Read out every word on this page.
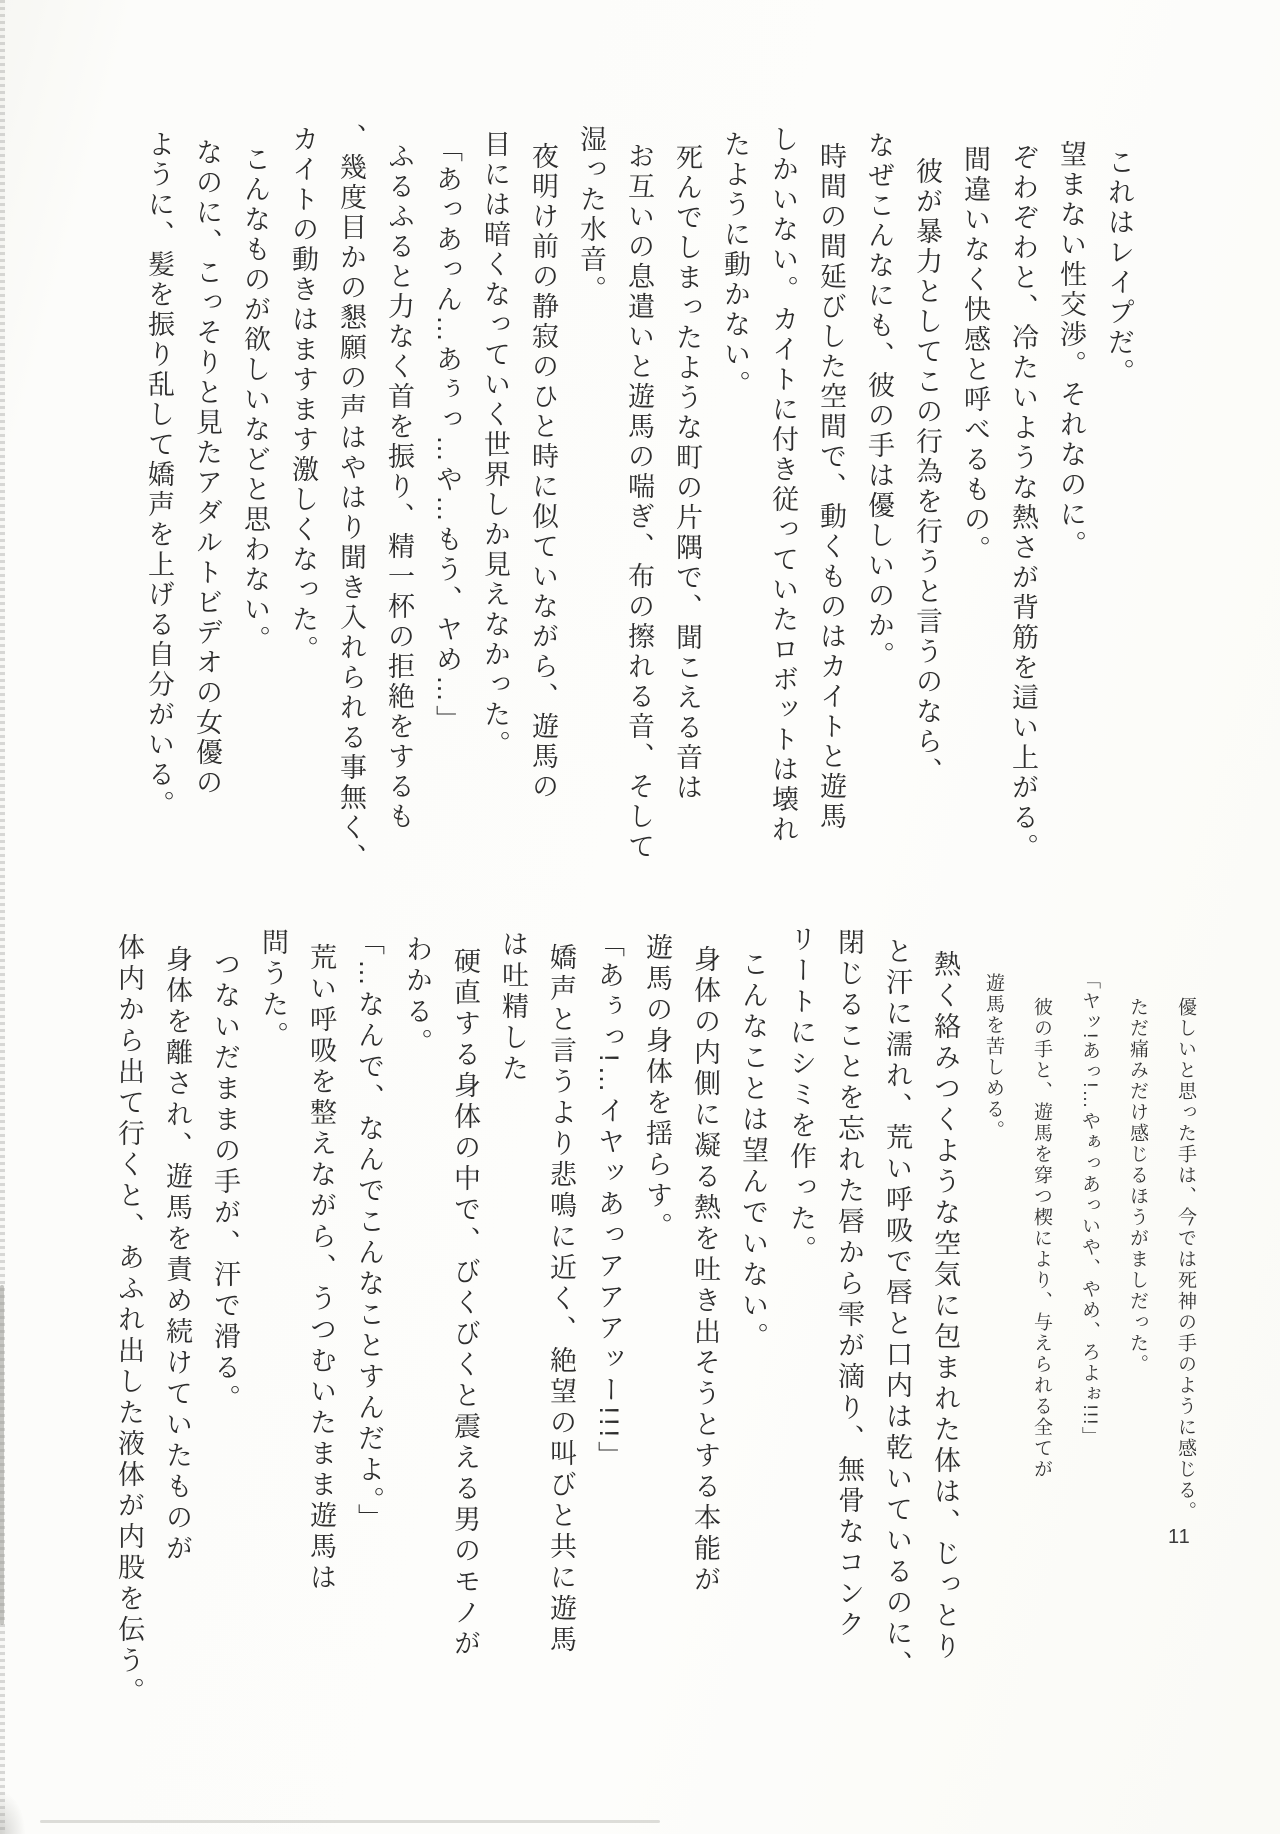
これはレイプだ。
望まない性交渉。それなのに。
ぞわぞわと、冷たいような熱さが背筋を這い上がる。
間違いなく快感と呼べるもの。
彼が暴力としてこの行為を行うと言うのなら、
なぜこんなにも、彼の手は優しいのか。
時間の間延びした空間で、動くものはカイトと遊馬
しかいない。カイトに付き従っていたロボットは壊れ
たように動かない。
死んでしまったような町の片隅で、聞こえる音は
お互いの息遣いと遊馬の喘ぎ、布の擦れる音、そして
湿った水音。
夜明け前の静寂のひと時に似ていながら、遊馬の
目には暗くなっていく世界しか見えなかった。
「あっあっん…あぅっ…や…もう、ヤめ…」
ふるふると力なく首を振り、精一杯の拒絶をするも
、幾度目かの懇願の声はやはり聞き入れられる事無く、
カイトの動きはますます激しくなった。
こんなものが欲しいなどと思わない。
なのに、こっそりと見たアダルトビデオの女優の
ように、髪を振り乱して嬌声を上げる自分がいる。
優しいと思った手は、今では死神の手のように感じる。
ただ痛みだけ感じるほうがましだった。
「ヤッ!あっ!…やぁっあっいや、やめ、ろよぉ!!!」
彼の手と、遊馬を穿つ楔により、与えられる全てが
遊馬を苦しめる。
熱く絡みつくような空気に包まれた体は、じっとり
と汗に濡れ、荒い呼吸で唇と口内は乾いているのに、
閉じることを忘れた唇から雫が滴り、無骨なコンク
リートにシミを作った。
こんなことは望んでいない。
身体の内側に凝る熱を吐き出そうとする本能が
遊馬の身体を揺らす。
「あぅっ!…イヤッあっアアアッー!!!」
嬌声と言うより悲鳴に近く、絶望の叫びと共に遊馬
は吐精した
硬直する身体の中で、びくびくと震える男のモノが
わかる。
「…なんで、なんでこんなことすんだよ。」
荒い呼吸を整えながら、うつむいたまま遊馬は
問うた。
つないだままの手が、汗で滑る。
身体を離され、遊馬を責め続けていたものが
体内から出て行くと、あふれ出した液体が内股を伝う。	11
